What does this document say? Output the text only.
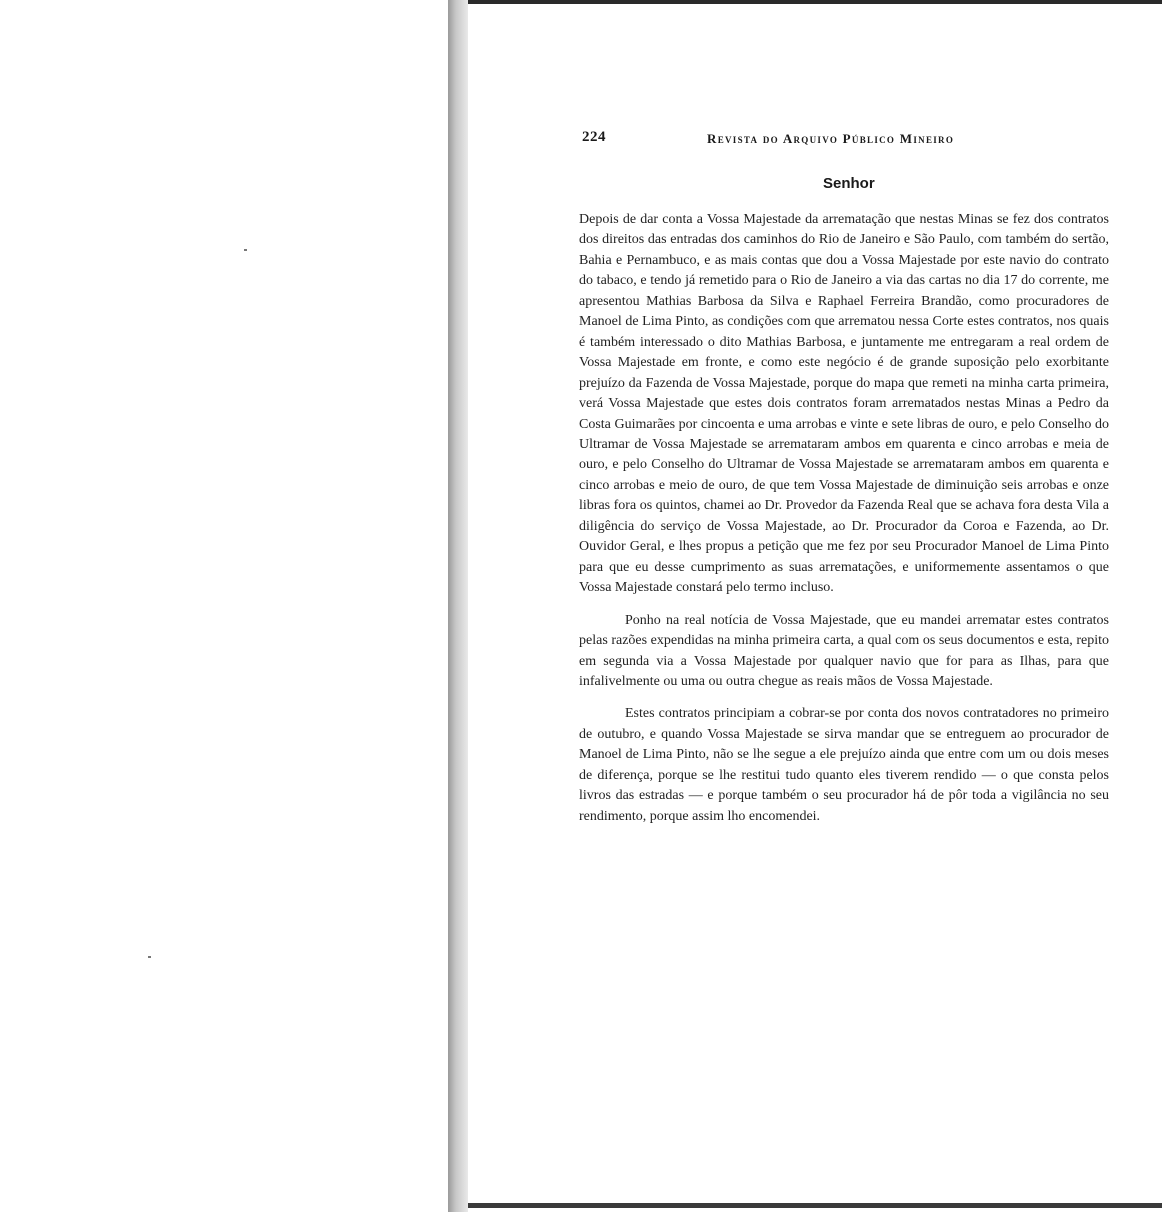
224	Revista do Arquivo Público Mineiro
Senhor

Depois de dar conta a Vossa Majestade da arrematação que nestas Minas se fez dos contratos dos direitos das entradas dos caminhos do Rio de Janeiro e São Paulo, com também do sertão, Bahia e Pernambuco, e as mais contas que dou a Vossa Majestade por este navio do contrato do tabaco, e tendo já remetido para o Rio de Janeiro a via das cartas no dia 17 do corrente, me apresentou Mathias Barbosa da Silva e Raphael Ferreira Brandão, como procuradores de Manoel de Lima Pinto, as condições com que arrematou nessa Corte estes contratos, nos quais é também interessado o dito Mathias Barbosa, e juntamente me entregaram a real ordem de Vossa Majestade em fronte, e como este negócio é de grande suposição pelo exorbitante prejuízo da Fazenda de Vossa Majestade, porque do mapa que remeti na minha carta primeira, verá Vossa Majestade que estes dois contratos foram arrematados nestas Minas a Pedro da Costa Guimarães por cincoenta e uma arrobas e vinte e sete libras de ouro, e pelo Conselho do Ultramar de Vossa Majestade se arremataram ambos em quarenta e cinco arrobas e meia de ouro, e pelo Conselho do Ultramar de Vossa Majestade se arremataram ambos em quarenta e cinco arrobas e meio de ouro, de que tem Vossa Majestade de diminuição seis arrobas e onze libras fora os quintos, chamei ao Dr. Provedor da Fazenda Real que se achava fora desta Vila a diligência do serviço de Vossa Majestade, ao Dr. Procurador da Coroa e Fazenda, ao Dr. Ouvidor Geral, e lhes propus a petição que me fez por seu Procurador Manoel de Lima Pinto para que eu desse cumprimento as suas arrematações, e uniformemente assentamos o que Vossa Majestade constará pelo termo incluso.

Ponho na real notícia de Vossa Majestade, que eu mandei arrematar estes contratos pelas razões expendidas na minha primeira carta, a qual com os seus documentos e esta, repito em segunda via a Vossa Majestade por qualquer navio que for para as Ilhas, para que infalivelmente ou uma ou outra chegue as reais mãos de Vossa Majestade.

Estes contratos principiam a cobrar-se por conta dos novos contratadores no primeiro de outubro, e quando Vossa Majestade se sirva mandar que se entreguem ao procurador de Manoel de Lima Pinto, não se lhe segue a ele prejuízo ainda que entre com um ou dois meses de diferença, porque se lhe restitui tudo quanto eles tiverem rendido — o que consta pelos livros das estradas — e porque também o seu procurador há de pôr toda a vigilância no seu rendimento, porque assim lho encomendei.
